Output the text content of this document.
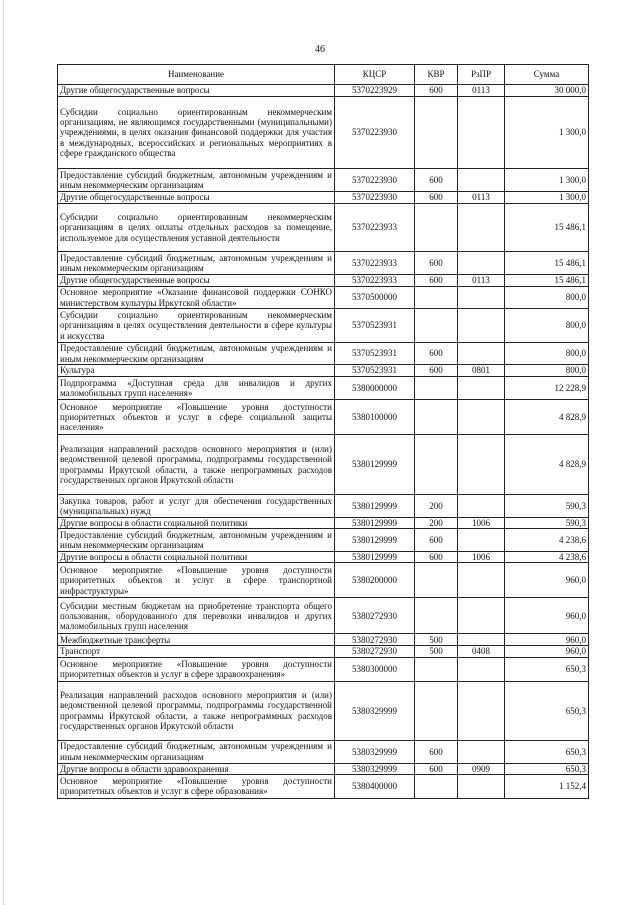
46
Наименование	КЦСР	КВР	РзПР	Сумма
Другие общегосударственные вопросы	5370223929	600	0113	30 000,0
Субсидии социально ориентированным некоммерческим организациям, не являющимся государственными (муниципальными) учреждениями, в целях оказания финансовой поддержки для участия в международных, всероссийских и региональных мероприятиях в сфере гражданского общества	5370223930			1 300,0
Предоставление субсидий бюджетным, автономным учреждениям и иным некоммерческим организациям	5370223930	600		1 300,0
Другие общегосударственные вопросы	5370223930	600	0113	1 300,0
Субсидии социально ориентированным некоммерческим организациям в целях оплаты отдельных расходов за помещение, используемое для осуществления уставной деятельности	5370223933			15 486,1
Предоставление субсидий бюджетным, автономным учреждениям и иным некоммерческим организациям	5370223933	600		15 486,1
Другие общегосударственные вопросы	5370223933	600	0113	15 486,1
Основное мероприятие «Оказание финансовой поддержки СОНКО министерством культуры Иркутской области»	5370500000			800,0
Субсидии социально ориентированным некоммерческим организациям в целях осуществления деятельности в сфере культуры и искусства	5370523931			800,0
Предоставление субсидий бюджетным, автономным учреждениям и иным некоммерческим организациям	5370523931	600		800,0
Культура	5370523931	600	0801	800,0
Подпрограмма «Доступная среда для инвалидов и других маломобильных групп населения»	5380000000			12 228,9
Основное мероприятие «Повышение уровня доступности приоритетных объектов и услуг в сфере социальной защиты населения»	5380100000			4 828,9
Реализация направлений расходов основного мероприятия и (или) ведомственной целевой программы, подпрограммы государственной программы Иркутской области, а также непрограммных расходов государственных органов Иркутской области	5380129999			4 828,9
Закупка товаров, работ и услуг для обеспечения государственных (муниципальных) нужд	5380129999	200		590,3
Другие вопросы в области социальной политики	5380129999	200	1006	590,3
Предоставление субсидий бюджетным, автономным учреждениям и иным некоммерческим организациям	5380129999	600		4 238,6
Другие вопросы в области социальной политики	5380129999	600	1006	4 238,6
Основное мероприятие «Повышение уровня доступности приоритетных объектов и услуг в сфере транспортной инфраструктуры»	5380200000			960,0
Субсидии местным бюджетам на приобретение транспорта общего пользования, оборудованного для перевозки инвалидов и других маломобильных групп населения	5380272930			960,0
Межбюджетные трансферты	5380272930	500		960,0
Транспорт	5380272930	500	0408	960,0
Основное мероприятие «Повышение уровня доступности приоритетных объектов и услуг в сфере здравоохранения»	5380300000			650,3
Реализация направлений расходов основного мероприятия и (или) ведомственной целевой программы, подпрограммы государственной программы Иркутской области, а также непрограммных расходов государственных органов Иркутской области	5380329999			650,3
Предоставление субсидий бюджетным, автономным учреждениям и иным некоммерческим организациям	5380329999	600		650,3
Другие вопросы в области здравоохранения	5380329999	600	0909	650,3
Основное мероприятие «Повышение уровня доступности приоритетных объектов и услуг в сфере образования»	5380400000			1 152,4
